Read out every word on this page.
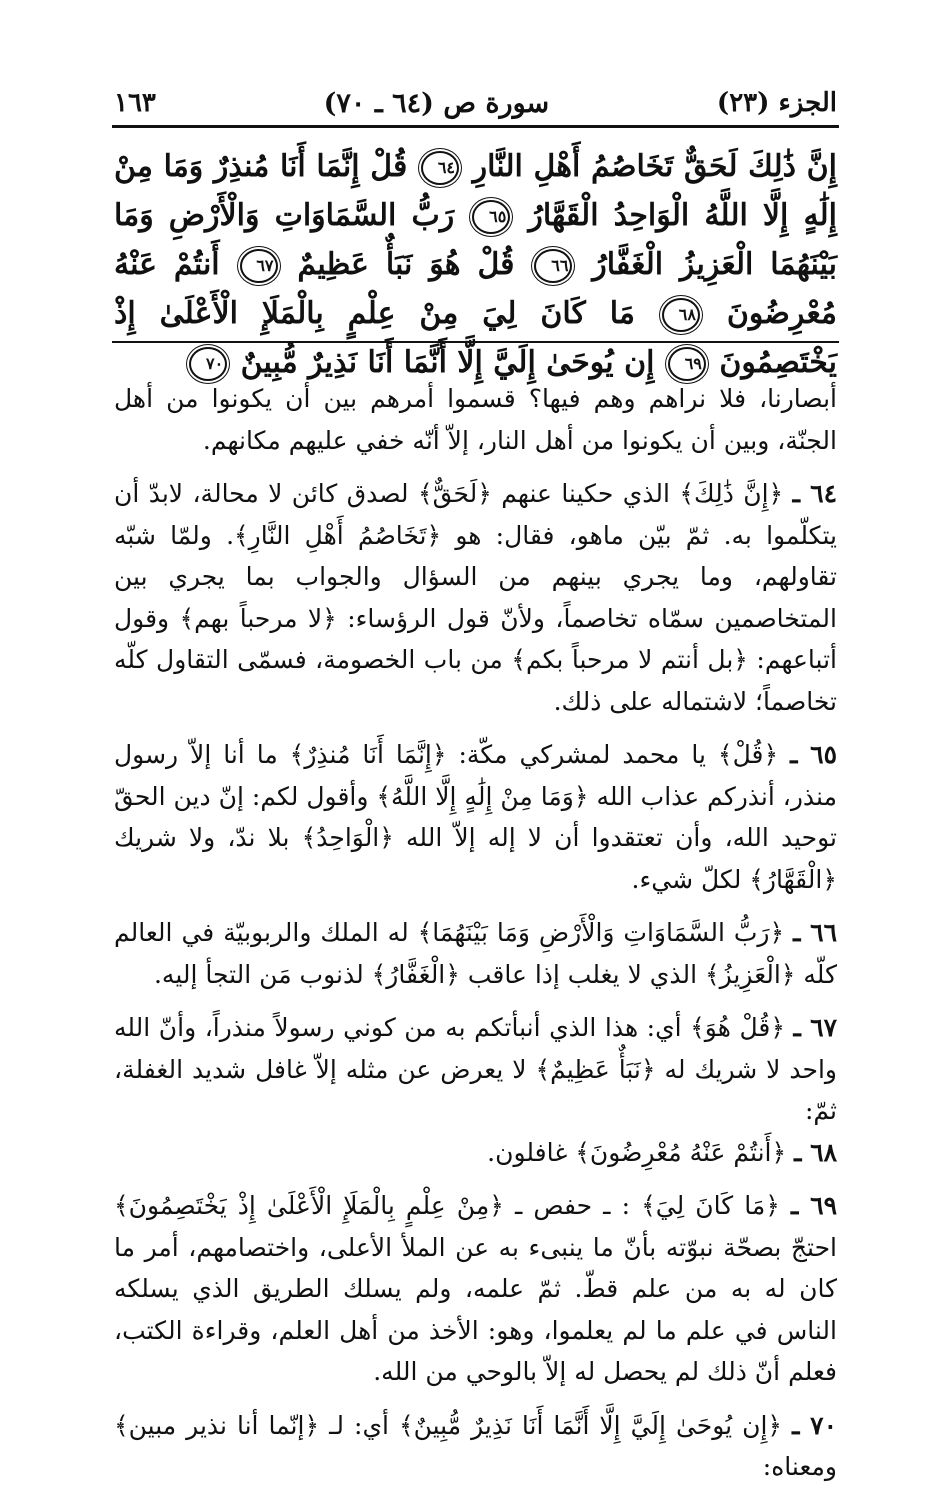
الجزء (٢٣)
سورة ص (٦٤ ـ ٧٠)
١٦٣
إِنَّ ذَٰلِكَ لَحَقٌّ تَخَاصُمُ أَهْلِ النَّارِ ٦٤ قُلْ إِنَّمَا أَنَا مُنذِرٌ وَمَا مِنْ إِلَٰهٍ إِلَّا اللَّهُ الْوَاحِدُ الْقَهَّارُ ٦٥ رَبُّ السَّمَاوَاتِ وَالْأَرْضِ وَمَا بَيْنَهُمَا الْعَزِيزُ الْغَفَّارُ ٦٦ قُلْ هُوَ نَبَأٌ عَظِيمٌ ٦٧ أَنتُمْ عَنْهُ مُعْرِضُونَ ٦٨ مَا كَانَ لِيَ مِنْ عِلْمٍ بِالْمَلَإِ الْأَعْلَىٰ إِذْ يَخْتَصِمُونَ ٦٩ إِن يُوحَىٰ إِلَيَّ إِلَّا أَنَّمَا أَنَا نَذِيرٌ مُّبِينٌ ٧٠

أبصارنا، فلا نراهم وهم فيها؟ قسموا أمرهم بين أن يكونوا من أهل الجنّة، وبين أن يكونوا من أهل النار، إلاّ أنّه خفي عليهم مكانهم.

٦٤ ـ ﴿إِنَّ ذَٰلِكَ﴾ الذي حكينا عنهم ﴿لَحَقٌّ﴾ لصدق كائن لا محالة، لابدّ أن يتكلّموا به. ثمّ بيّن ماهو، فقال: هو ﴿تَخَاصُمُ أَهْلِ النَّارِ﴾. ولمّا شبّه تقاولهم، وما يجري بينهم من السؤال والجواب بما يجري بين المتخاصمين سمّاه تخاصماً، ولأنّ قول الرؤساء: ﴿لا مرحباً بهم﴾ وقول أتباعهم: ﴿بل أنتم لا مرحباً بكم﴾ من باب الخصومة، فسمّى التقاول كلّه تخاصماً؛ لاشتماله على ذلك.

٦٥ ـ ﴿قُلْ﴾ يا محمد لمشركي مكّة: ﴿إِنَّمَا أَنَا مُنذِرٌ﴾ ما أنا إلاّ رسول منذر، أنذركم عذاب الله ﴿وَمَا مِنْ إِلَٰهٍ إِلَّا اللَّهُ﴾ وأقول لكم: إنّ دين الحقّ توحيد الله، وأن تعتقدوا أن لا إله إلاّ الله ﴿الْوَاحِدُ﴾ بلا ندّ، ولا شريك ﴿الْقَهَّارُ﴾ لكلّ شيء.

٦٦ ـ ﴿رَبُّ السَّمَاوَاتِ وَالْأَرْضِ وَمَا بَيْنَهُمَا﴾ له الملك والربوبيّة في العالم كلّه ﴿الْعَزِيزُ﴾ الذي لا يغلب إذا عاقب ﴿الْغَفَّارُ﴾ لذنوب مَن التجأ إليه.

٦٧ ـ ﴿قُلْ هُوَ﴾ أي: هذا الذي أنبأتكم به من كوني رسولاً منذراً، وأنّ الله واحد لا شريك له ﴿نَبَأٌ عَظِيمٌ﴾ لا يعرض عن مثله إلاّ غافل شديد الغفلة، ثمّ:

٦٨ ـ ﴿أَنتُمْ عَنْهُ مُعْرِضُونَ﴾ غافلون.

٦٩ ـ ﴿مَا كَانَ لِيَ﴾ : ـ حفص ـ ﴿مِنْ عِلْمٍ بِالْمَلَإِ الْأَعْلَىٰ إِذْ يَخْتَصِمُونَ﴾ احتجّ بصحّة نبوّته بأنّ ما ينبىء به عن الملأ الأعلى، واختصامهم، أمر ما كان له به من علم قطّ. ثمّ علمه، ولم يسلك الطريق الذي يسلكه الناس في علم ما لم يعلموا، وهو: الأخذ من أهل العلم، وقراءة الكتب، فعلم أنّ ذلك لم يحصل له إلاّ بالوحي من الله.

٧٠ ـ ﴿إِن يُوحَىٰ إِلَيَّ إِلَّا أَنَّمَا أَنَا نَذِيرٌ مُّبِينٌ﴾ أي: لـ ﴿إنّما أنا نذير مبين﴾ ومعناه:
